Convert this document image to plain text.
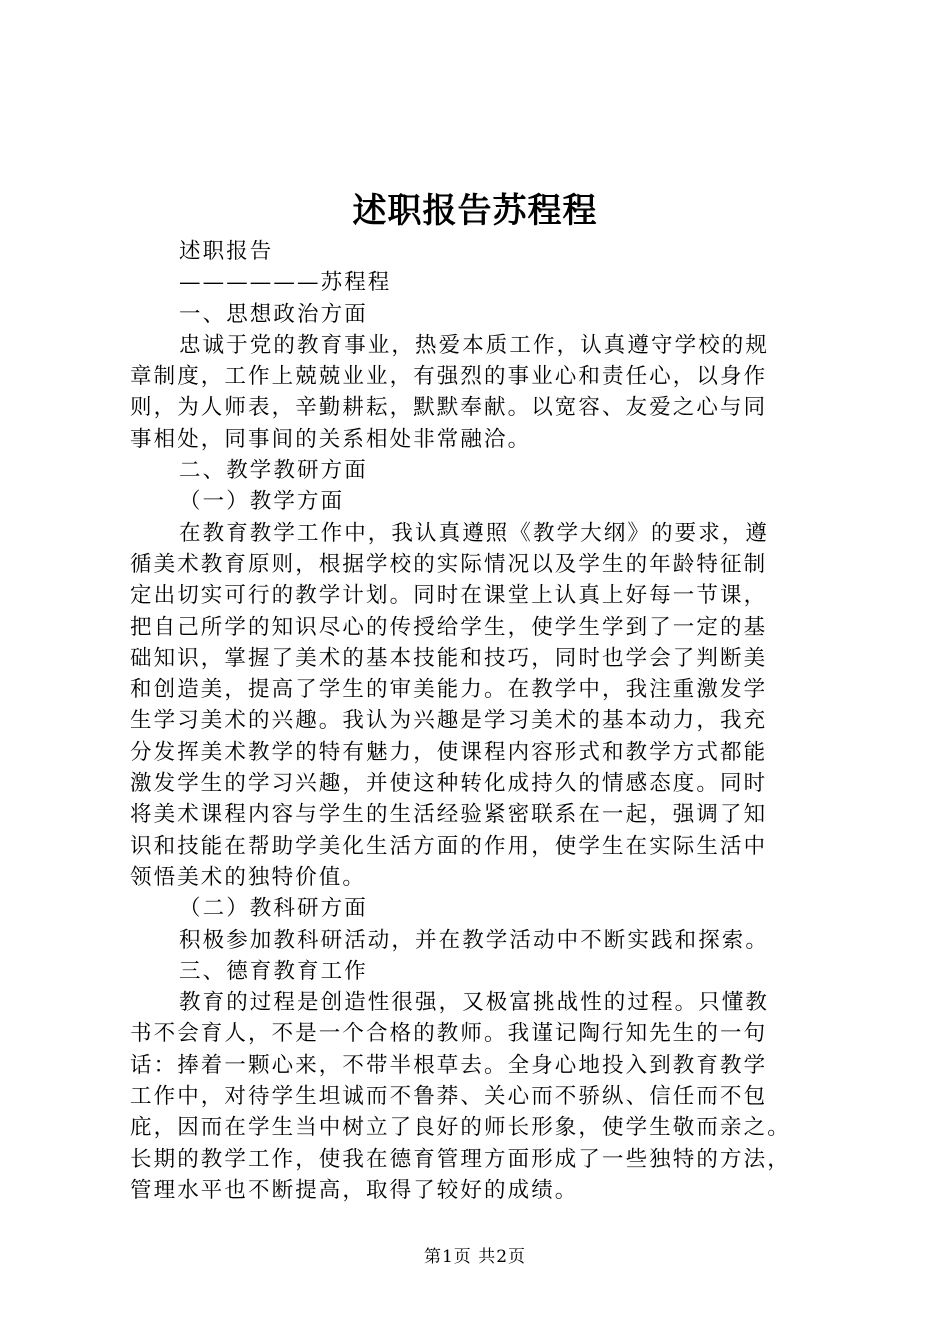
述职报告苏程程

述职报告

——————苏程程

一、思想政治方面

忠诚于党的教育事业，热爱本质工作，认真遵守学校的规

章制度，工作上兢兢业业，有强烈的事业心和责任心，以身作

则，为人师表，辛勤耕耘，默默奉献。以宽容、友爱之心与同

事相处，同事间的关系相处非常融洽。

二、教学教研方面

（一）教学方面

在教育教学工作中，我认真遵照《教学大纲》的要求，遵

循美术教育原则，根据学校的实际情况以及学生的年龄特征制

定出切实可行的教学计划。同时在课堂上认真上好每一节课，

把自己所学的知识尽心的传授给学生，使学生学到了一定的基

础知识，掌握了美术的基本技能和技巧，同时也学会了判断美

和创造美，提高了学生的审美能力。在教学中，我注重激发学

生学习美术的兴趣。我认为兴趣是学习美术的基本动力，我充

分发挥美术教学的特有魅力，使课程内容形式和教学方式都能

激发学生的学习兴趣，并使这种转化成持久的情感态度。同时

将美术课程内容与学生的生活经验紧密联系在一起，强调了知

识和技能在帮助学美化生活方面的作用，使学生在实际生活中

领悟美术的独特价值。

（二）教科研方面

积极参加教科研活动，并在教学活动中不断实践和探索。

三、德育教育工作

教育的过程是创造性很强，又极富挑战性的过程。只懂教

书不会育人，不是一个合格的教师。我谨记陶行知先生的一句

话：捧着一颗心来，不带半根草去。全身心地投入到教育教学

工作中，对待学生坦诚而不鲁莽、关心而不骄纵、信任而不包

庇，因而在学生当中树立了良好的师长形象，使学生敬而亲之。

长期的教学工作，使我在德育管理方面形成了一些独特的方法，

管理水平也不断提高，取得了较好的成绩。

第1页 共2页
